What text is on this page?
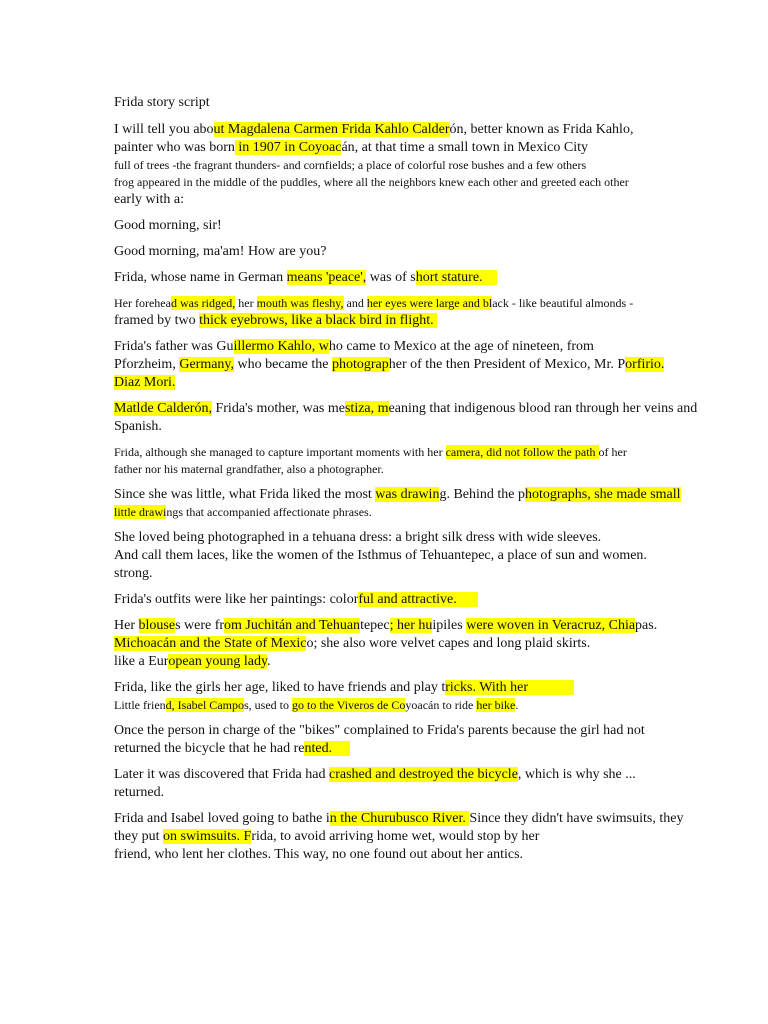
Frida story script
I will tell you about Magdalena Carmen Frida Kahlo Calderón, better known as Frida Kahlo,
painter who was born in 1907 in Coyoacán, at that time a small town in Mexico City
full of trees -the fragrant thunders- and cornfields; a place of colorful rose bushes and a few others
frog appeared in the middle of the puddles, where all the neighbors knew each other and greeted each other
early with a:
Good morning, sir!
Good morning, ma'am! How are you?
Frida, whose name in German means 'peace', was of short stature.
Her forehead was ridged, her mouth was fleshy, and her eyes were large and black - like beautiful almonds -
framed by two thick eyebrows, like a black bird in flight.
Frida's father was Guillermo Kahlo, who came to Mexico at the age of nineteen, from
Pforzheim, Germany, who became the photographer of the then President of Mexico, Mr. Porfirio.
Diaz Mori.
Matlde Calderón, Frida's mother, was mestiza, meaning that indigenous blood ran through her veins and
Spanish.
Frida, although she managed to capture important moments with her camera, did not follow the path of her
father nor his maternal grandfather, also a photographer.
Since she was little, what Frida liked the most was drawing. Behind the photographs, she made small
little drawings that accompanied affectionate phrases.
She loved being photographed in a tehuana dress: a bright silk dress with wide sleeves.
And call them laces, like the women of the Isthmus of Tehuantepec, a place of sun and women.
strong.
Frida's outfits were like her paintings: colorful and attractive.
Her blouses were from Juchitán and Tehuantepec; her huipiles were woven in Veracruz, Chiapas.
Michoacán and the State of Mexico; she also wore velvet capes and long plaid skirts.
like a European young lady.
Frida, like the girls her age, liked to have friends and play tricks. With her
Little friend, Isabel Campos, used to go to the Viveros de Coyoacán to ride her bike.
Once the person in charge of the "bikes" complained to Frida's parents because the girl had not
returned the bicycle that he had rented.
Later it was discovered that Frida had crashed and destroyed the bicycle, which is why she ...
returned.
Frida and Isabel loved going to bathe in the Churubusco River. Since they didn't have swimsuits, they
they put on swimsuits. Frida, to avoid arriving home wet, would stop by her
friend, who lent her clothes. This way, no one found out about her antics.
